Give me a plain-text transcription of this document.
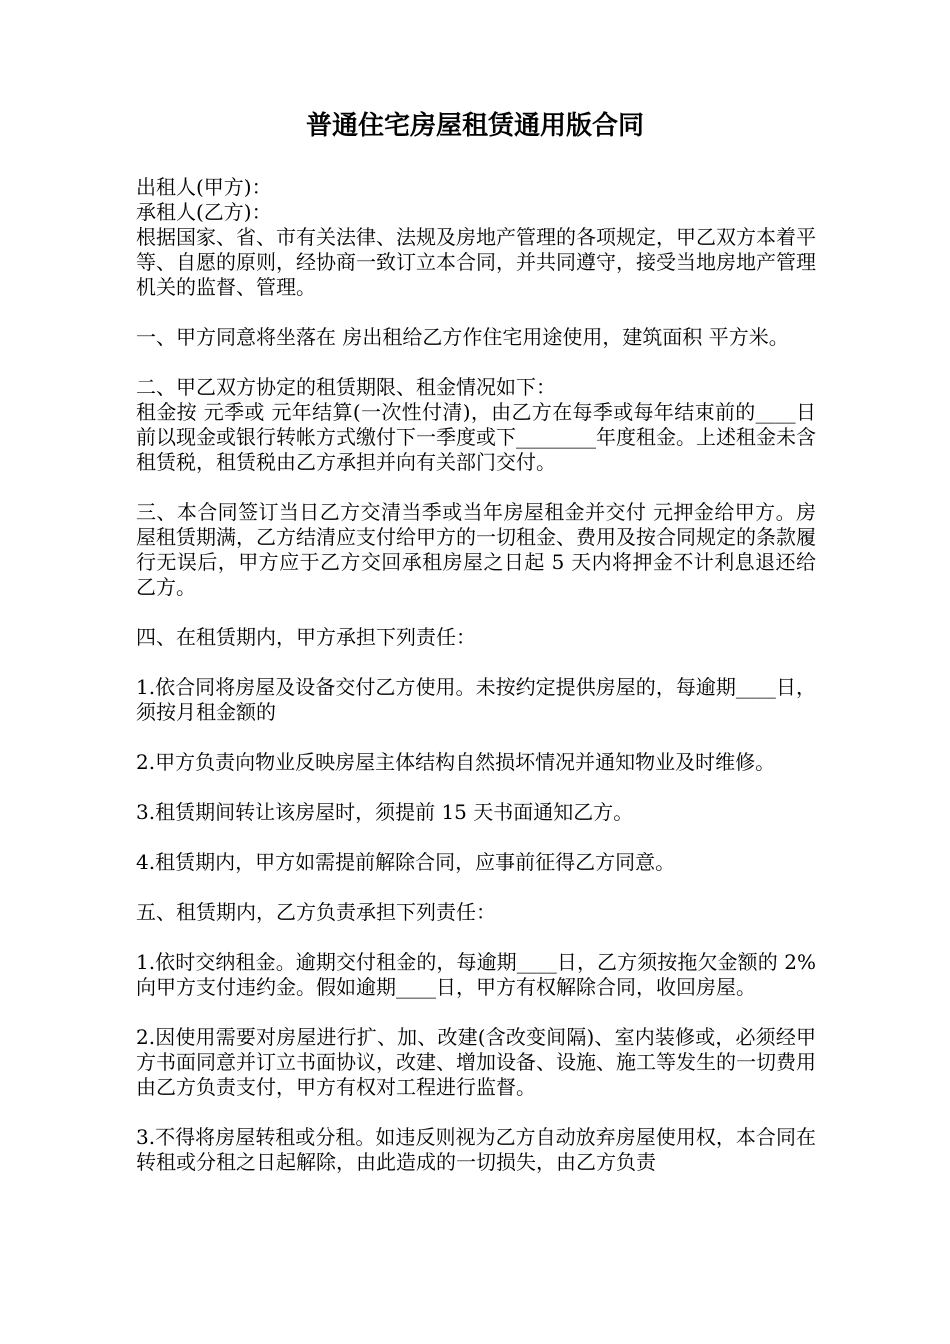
普通住宅房屋租赁通用版合同

出租人(甲方)：

承租人(乙方)：

根据国家、省、市有关法律、法规及房地产管理的各项规定，甲乙双方本着平等、自愿的原则，经协商一致订立本合同，并共同遵守，接受当地房地产管理机关的监督、管理。

一、甲方同意将坐落在 房出租给乙方作住宅用途使用，建筑面积 平方米。

二、甲乙双方协定的租赁期限、租金情况如下：

租金按 元季或 元年结算(一次性付清)，由乙方在每季或每年结束前的____日前以现金或银行转帐方式缴付下一季度或下________年度租金。上述租金未含租赁税，租赁税由乙方承担并向有关部门交付。

三、本合同签订当日乙方交清当季或当年房屋租金并交付 元押金给甲方。房屋租赁期满，乙方结清应支付给甲方的一切租金、费用及按合同规定的条款履行无误后，甲方应于乙方交回承租房屋之日起 5 天内将押金不计利息退还给乙方。

四、在租赁期内，甲方承担下列责任：

1.依合同将房屋及设备交付乙方使用。未按约定提供房屋的，每逾期____日，须按月租金额的

2.甲方负责向物业反映房屋主体结构自然损坏情况并通知物业及时维修。

3.租赁期间转让该房屋时，须提前 15 天书面通知乙方。

4.租赁期内，甲方如需提前解除合同，应事前征得乙方同意。

五、租赁期内，乙方负责承担下列责任：

1.依时交纳租金。逾期交付租金的，每逾期____日，乙方须按拖欠金额的 2%向甲方支付违约金。假如逾期____日，甲方有权解除合同，收回房屋。

2.因使用需要对房屋进行扩、加、改建(含改变间隔)、室内装修或，必须经甲方书面同意并订立书面协议，改建、增加设备、设施、施工等发生的一切费用由乙方负责支付，甲方有权对工程进行监督。

3.不得将房屋转租或分租。如违反则视为乙方自动放弃房屋使用权，本合同在转租或分租之日起解除，由此造成的一切损失，由乙方负责
